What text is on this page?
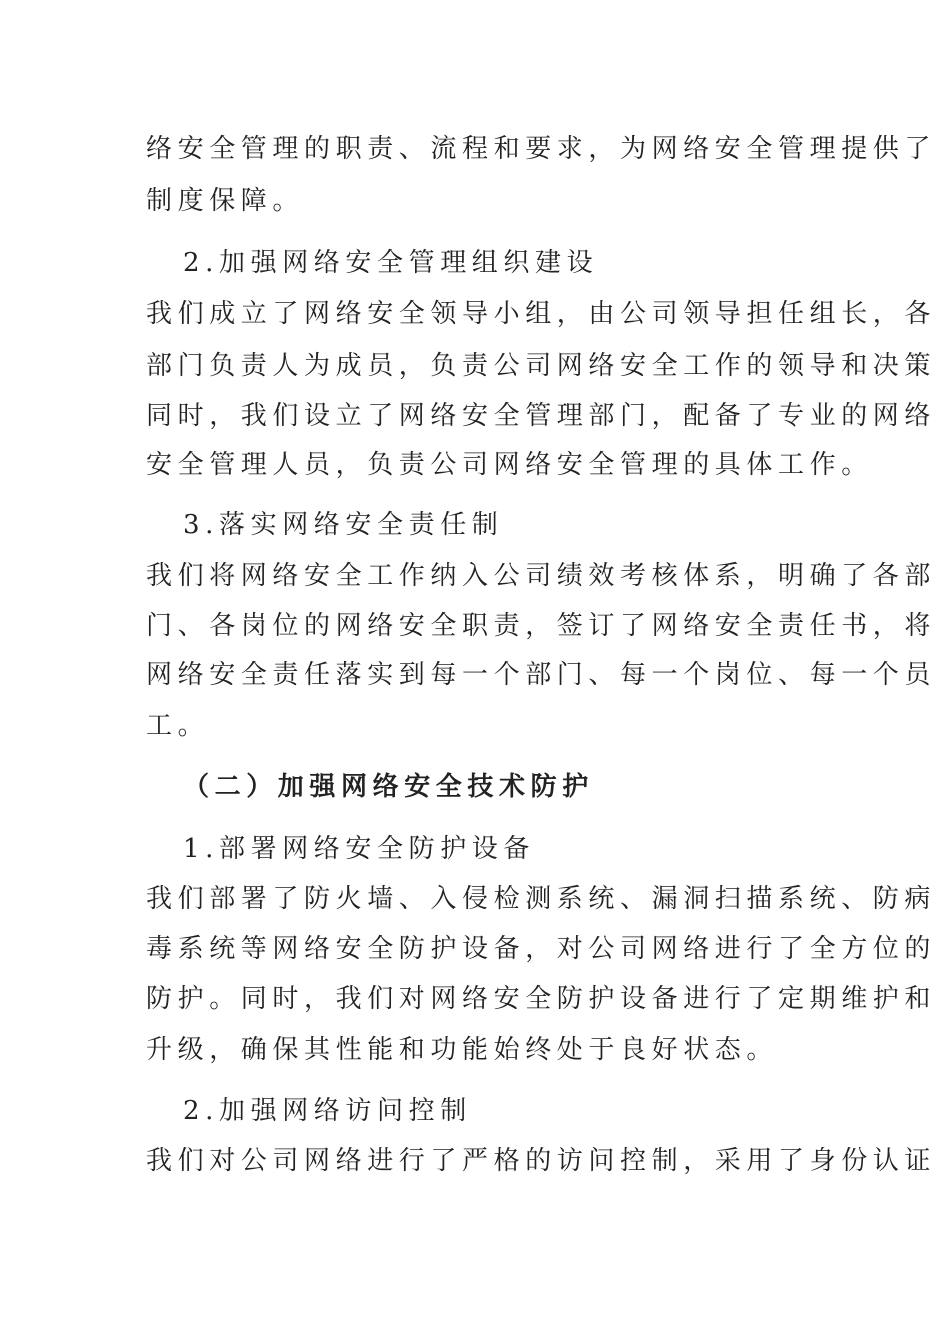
络安全管理的职责、流程和要求，为网络安全管理提供了
制度保障。
2.加强网络安全管理组织建设
我们成立了网络安全领导小组，由公司领导担任组长，各
部门负责人为成员，负责公司网络安全工作的领导和决策
同时，我们设立了网络安全管理部门，配备了专业的网络
安全管理人员，负责公司网络安全管理的具体工作。
3.落实网络安全责任制
我们将网络安全工作纳入公司绩效考核体系，明确了各部
门、各岗位的网络安全职责，签订了网络安全责任书，将
网络安全责任落实到每一个部门、每一个岗位、每一个员
工。
（二）加强网络安全技术防护
1.部署网络安全防护设备
我们部署了防火墙、入侵检测系统、漏洞扫描系统、防病
毒系统等网络安全防护设备，对公司网络进行了全方位的
防护。同时，我们对网络安全防护设备进行了定期维护和
升级，确保其性能和功能始终处于良好状态。
2.加强网络访问控制
我们对公司网络进行了严格的访问控制，采用了身份认证
